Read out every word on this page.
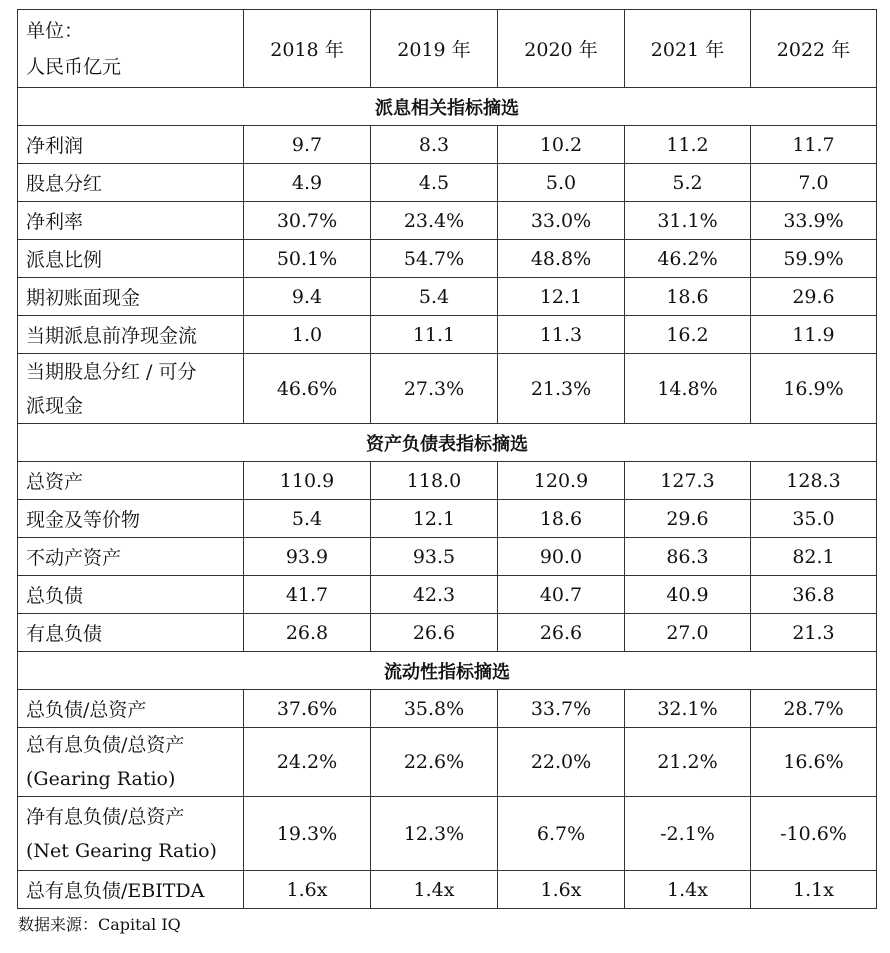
单位：
人民币亿元	2018 年	2019 年	2020 年	2021 年	2022 年
派息相关指标摘选					
净利润	9.7	8.3	10.2	11.2	11.7
股息分红	4.9	4.5	5.0	5.2	7.0
净利率	30.7%	23.4%	33.0%	31.1%	33.9%
派息比例	50.1%	54.7%	48.8%	46.2%	59.9%
期初账面现金	9.4	5.4	12.1	18.6	29.6
当期派息前净现金流	1.0	11.1	11.3	16.2	11.9

当期股息分红 / 可分
派现金	46.6%	27.3%	21.3%	14.8%	16.9%
资产负债表指标摘选					
总资产	110.9	118.0	120.9	127.3	128.3
现金及等价物	5.4	12.1	18.6	29.6	35.0
不动产资产	93.9	93.5	90.0	86.3	82.1
总负债	41.7	42.3	40.7	40.9	36.8
有息负债	26.8	26.6	26.6	27.0	21.3
流动性指标摘选					
总负债/总资产	37.6%	35.8%	33.7%	32.1%	28.7%

总有息负债/总资产
(Gearing Ratio)	24.2%	22.6%	22.0%	21.2%	16.6%

净有息负债/总资产
(Net Gearing Ratio)	19.3%	12.3%	6.7%	-2.1%	-10.6%
总有息负债/EBITDA	1.6x	1.4x	1.6x	1.4x	1.1x
数据来源：Capital IQ
